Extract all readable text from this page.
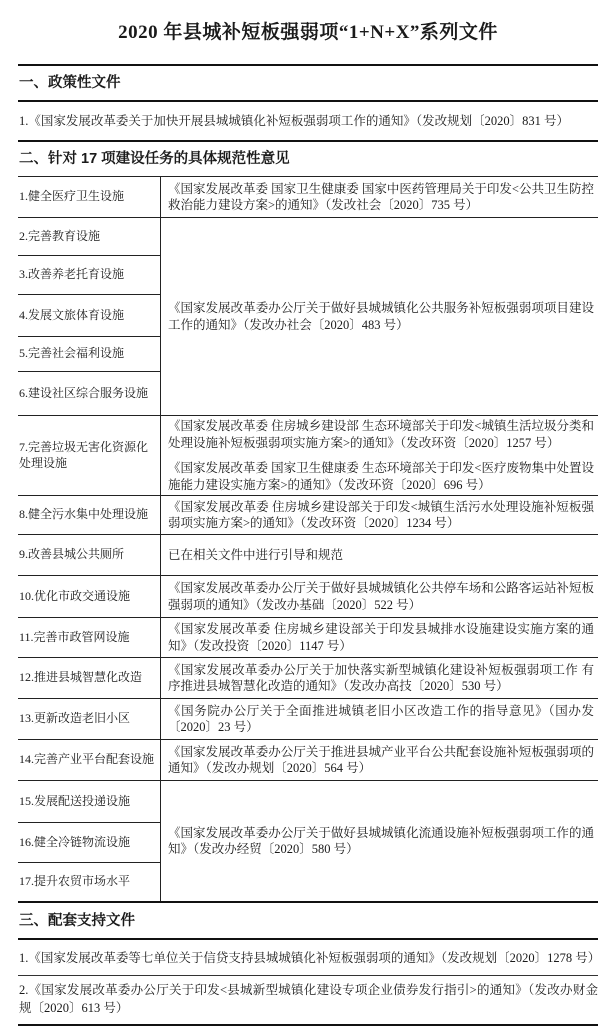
2020 年县城补短板强弱项“1+N+X”系列文件
一、政策性文件
1.《国家发展改革委关于加快开展县城城镇化补短板强弱项工作的通知》（发改规划〔2020〕831 号）
二、针对 17 项建设任务的具体规范性意见
1.健全医疗卫生设施	《国家发展改革委 国家卫生健康委 国家中医药管理局关于印发<公共卫生防控救治能力建设方案>的通知》（发改社会〔2020〕735 号）
2.完善教育设施	《国家发展改革委办公厅关于做好县城城镇化公共服务补短板强弱项项目建设工作的通知》（发改办社会〔2020〕483 号）
3.改善养老托育设施	
4.发展文旅体育设施	
5.完善社会福利设施	
6.建设社区综合服务设施	
7.完善垃圾无害化资源化处理设施	《国家发展改革委 住房城乡建设部 生态环境部关于印发<城镇生活垃圾分类和处理设施补短板强弱项实施方案>的通知》（发改环资〔2020〕1257 号）

《国家发展改革委 国家卫生健康委 生态环境部关于印发<医疗废物集中处置设施能力建设实施方案>的通知》（发改环资〔2020〕696 号）

8.健全污水集中处理设施	《国家发展改革委 住房城乡建设部关于印发<城镇生活污水处理设施补短板强弱项实施方案>的通知》（发改环资〔2020〕1234 号）
9.改善县城公共厕所	已在相关文件中进行引导和规范
10.优化市政交通设施	《国家发展改革委办公厅关于做好县城城镇化公共停车场和公路客运站补短板强弱项的通知》（发改办基础〔2020〕522 号）
11.完善市政管网设施	《国家发展改革委 住房城乡建设部关于印发县城排水设施建设实施方案的通知》（发改投资〔2020〕1147 号）
12.推进县城智慧化改造	《国家发展改革委办公厅关于加快落实新型城镇化建设补短板强弱项工作 有序推进县城智慧化改造的通知》（发改办高技〔2020〕530 号）
13.更新改造老旧小区	《国务院办公厅关于全面推进城镇老旧小区改造工作的指导意见》（国办发〔2020〕23 号）
14.完善产业平台配套设施	《国家发展改革委办公厅关于推进县城产业平台公共配套设施补短板强弱项的通知》（发改办规划〔2020〕564 号）
15.发展配送投递设施	《国家发展改革委办公厅关于做好县城城镇化流通设施补短板强弱项工作的通知》（发改办经贸〔2020〕580 号）
16.健全冷链物流设施	
17.提升农贸市场水平	
三、配套支持文件
1.《国家发展改革委等七单位关于信贷支持县城城镇化补短板强弱项的通知》（发改规划〔2020〕1278 号）
2.《国家发展改革委办公厅关于印发<县城新型城镇化建设专项企业债券发行指引>的通知》（发改办财金规〔2020〕613 号）
